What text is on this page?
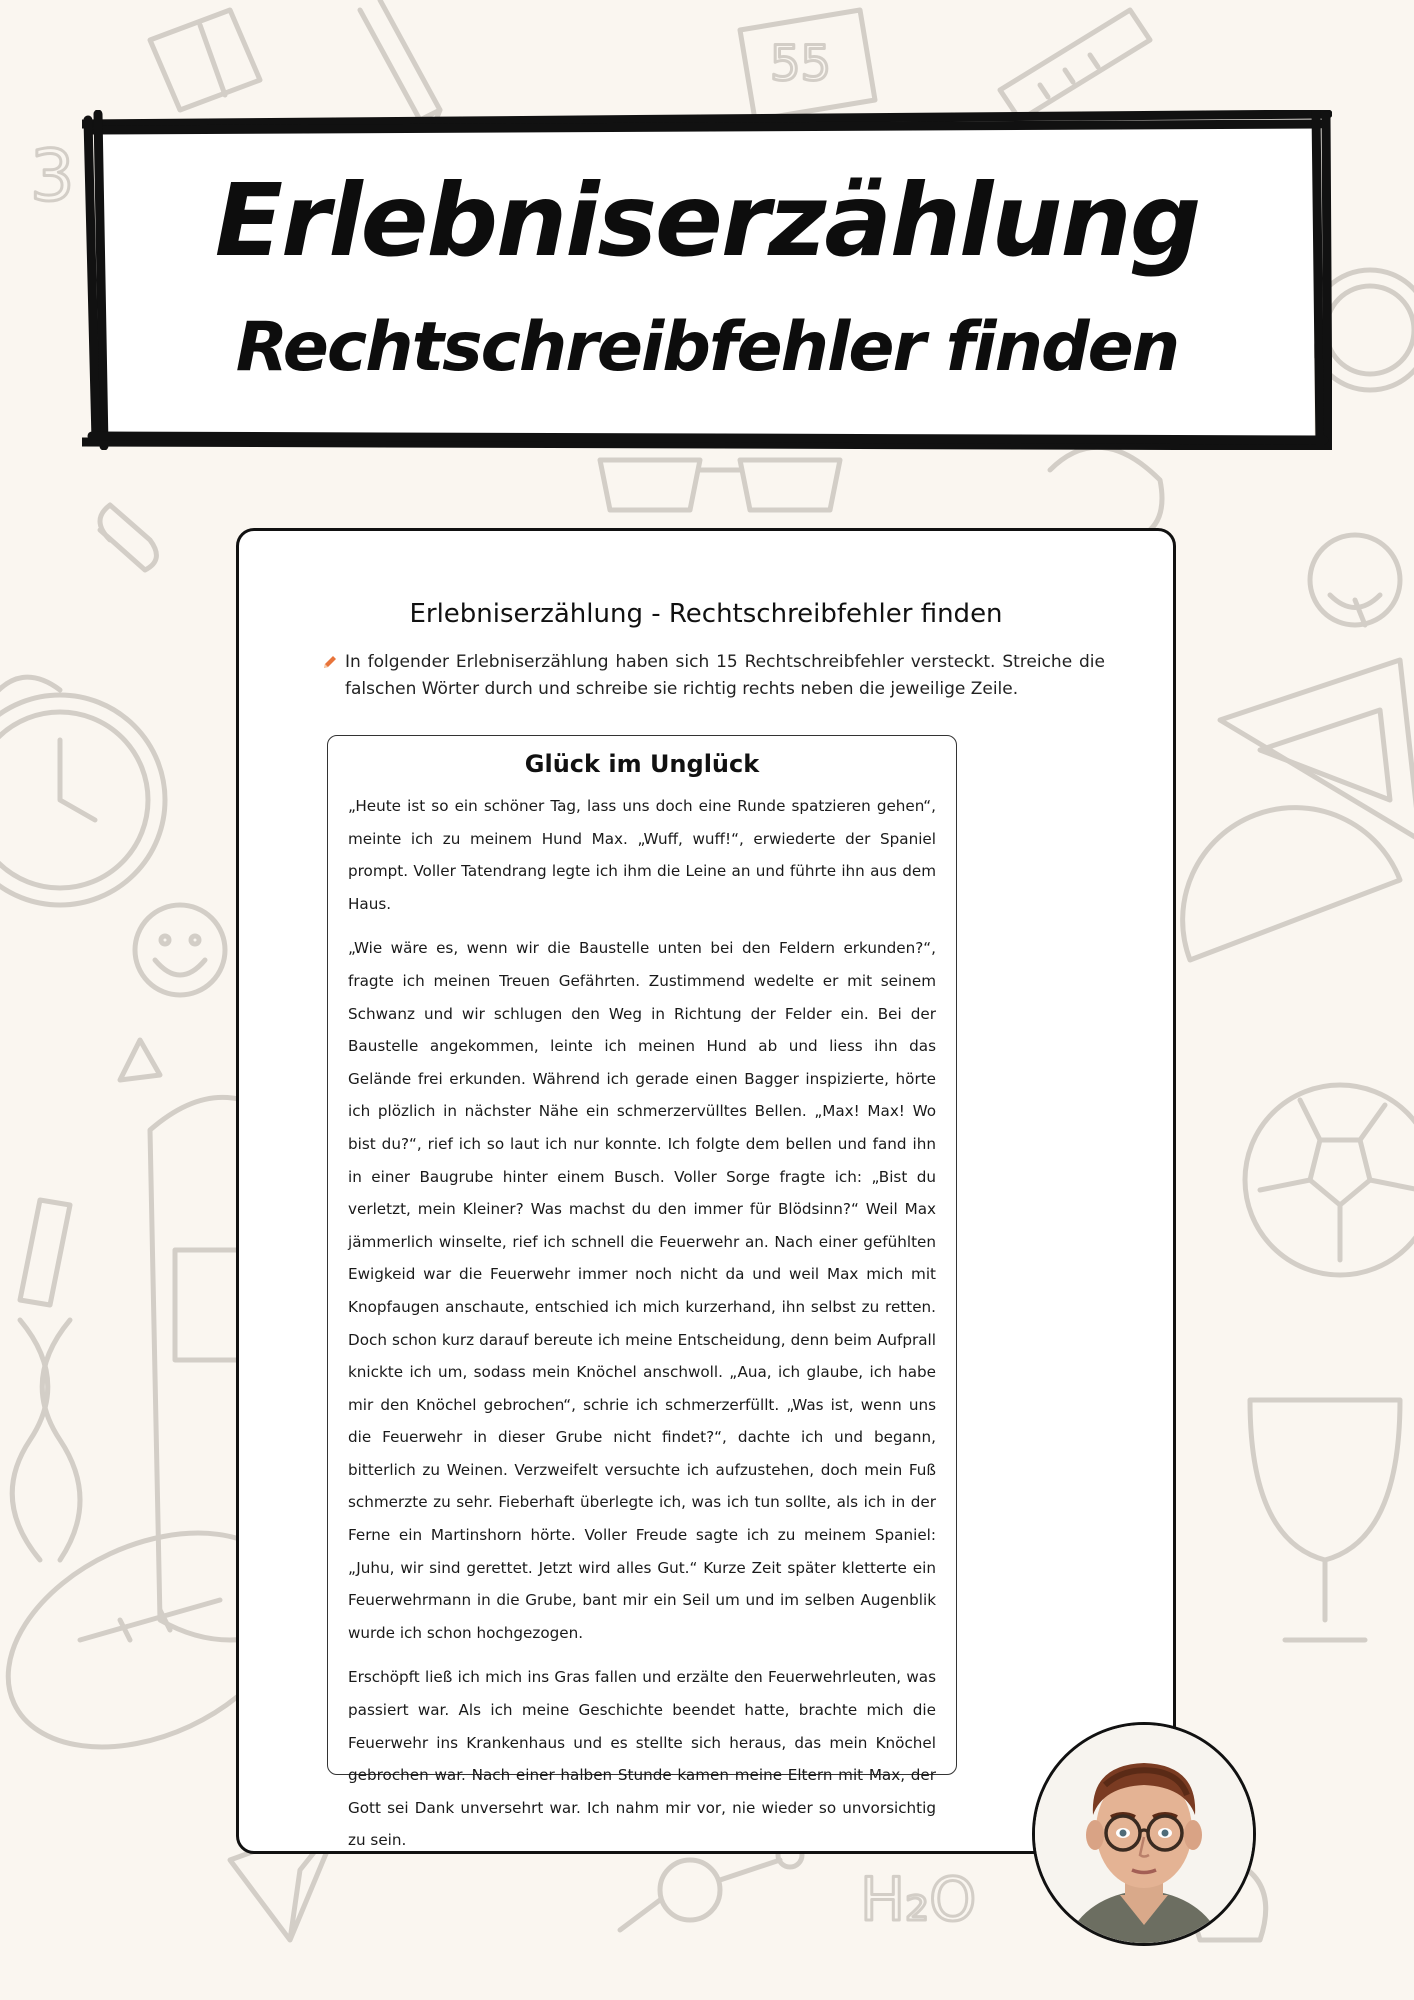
55
3
H₂O
Erlebniserzählung
Rechtschreibfehler finden
Erlebniserzählung - Rechtschreibfehler finden
In folgender Erlebniserzählung haben sich 15 Rechtschreibfehler versteckt. Streiche die falschen Wörter durch und schreibe sie richtig rechts neben die jeweilige Zeile.
Glück im Unglück

„Heute ist so ein schöner Tag, lass uns doch eine Runde spatzieren gehen“, meinte ich zu meinem Hund Max. „Wuff, wuff!“, erwiederte der Spaniel prompt. Voller Tatendrang legte ich ihm die Leine an und führte ihn aus dem Haus.

„Wie wäre es, wenn wir die Baustelle unten bei den Feldern erkunden?“, fragte ich meinen Treuen Gefährten. Zustimmend wedelte er mit seinem Schwanz und wir schlugen den Weg in Richtung der Felder ein. Bei der Baustelle angekommen, leinte ich meinen Hund ab und liess ihn das Gelände frei erkunden. Während ich gerade einen Bagger inspizierte, hörte ich plözlich in nächster Nähe ein schmerzervülltes Bellen. „Max! Max! Wo bist du?“, rief ich so laut ich nur konnte. Ich folgte dem bellen und fand ihn in einer Baugrube hinter einem Busch. Voller Sorge fragte ich: „Bist du verletzt, mein Kleiner? Was machst du den immer für Blödsinn?“ Weil Max jämmerlich winselte, rief ich schnell die Feuerwehr an. Nach einer gefühlten Ewigkeid war die Feuerwehr immer noch nicht da und weil Max mich mit Knopfaugen anschaute, entschied ich mich kurzerhand, ihn selbst zu retten. Doch schon kurz darauf bereute ich meine Entscheidung, denn beim Aufprall knickte ich um, sodass mein Knöchel anschwoll. „Aua, ich glaube, ich habe mir den Knöchel gebrochen“, schrie ich schmerzerfüllt. „Was ist, wenn uns die Feuerwehr in dieser Grube nicht findet?“, dachte ich und begann, bitterlich zu Weinen. Verzweifelt versuchte ich aufzustehen, doch mein Fuß schmerzte zu sehr. Fieberhaft überlegte ich, was ich tun sollte, als ich in der Ferne ein Martinshorn hörte. Voller Freude sagte ich zu meinem Spaniel: „Juhu, wir sind gerettet. Jetzt wird alles Gut.“ Kurze Zeit später kletterte ein Feuerwehrmann in die Grube, bant mir ein Seil um und im selben Augenblik wurde ich schon hochgezogen.

Erschöpft ließ ich mich ins Gras fallen und erzälte den Feuerwehrleuten, was passiert war. Als ich meine Geschichte beendet hatte, brachte mich die Feuerwehr ins Krankenhaus und es stellte sich heraus, das mein Knöchel gebrochen war. Nach einer halben Stunde kamen meine Eltern mit Max, der Gott sei Dank unversehrt war. Ich nahm mir vor, nie wieder so unvorsichtig zu sein.
